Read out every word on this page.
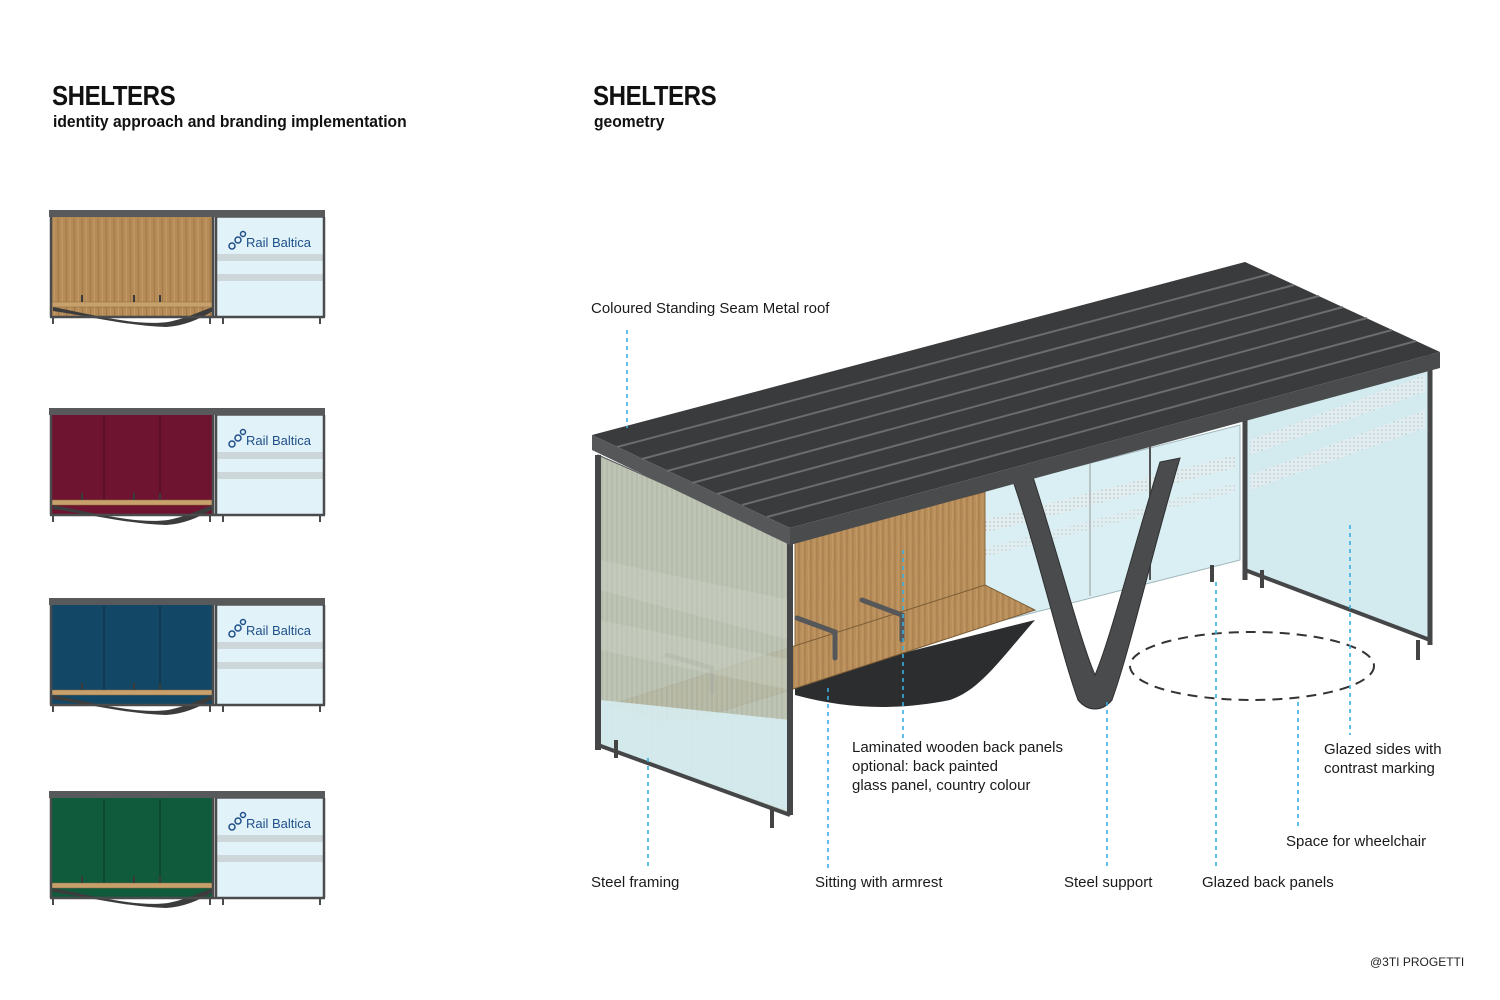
SHELTERS
identity approach and branding implementation
SHELTERS
geometry
Rail Baltica
Rail Baltica
Rail Baltica
Rail Baltica
Coloured Standing Seam Metal roof
Laminated wooden back panels
optional: back painted
glass panel, country colour
Glazed sides with
contrast marking
Space for wheelchair
Steel framing	Sitting with armrest	Steel support	Glazed back panels
@3TI PROGETTI
